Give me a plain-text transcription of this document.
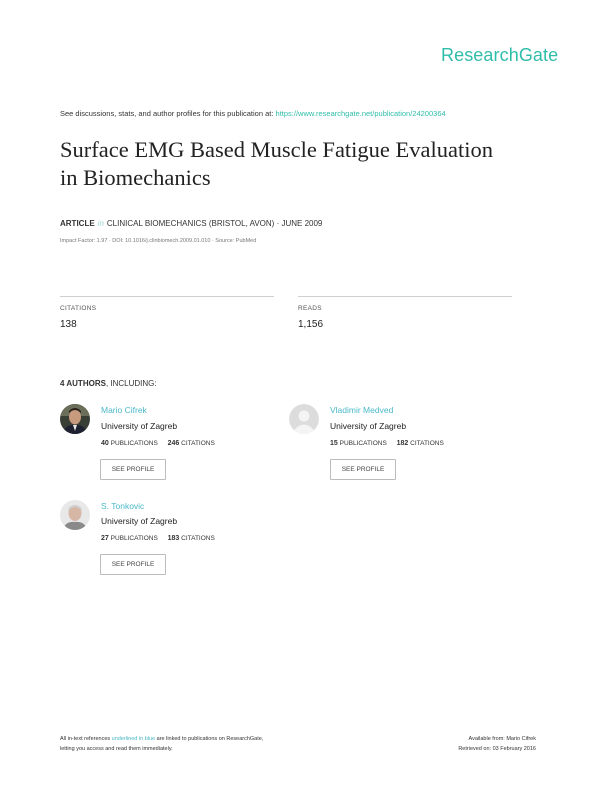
ResearchGate
See discussions, stats, and author profiles for this publication at: https://www.researchgate.net/publication/24200364
Surface EMG Based Muscle Fatigue Evaluation
in Biomechanics
ARTICLE in CLINICAL BIOMECHANICS (BRISTOL, AVON) · JUNE 2009
Impact Factor: 1.97 · DOI: 10.1016/j.clinbiomech.2009.01.010 · Source: PubMed
CITATIONS
138
READS
1,156
4 AUTHORS, INCLUDING:
Mario Cifrek
University of Zagreb
40 PUBLICATIONS 246 CITATIONS
SEE PROFILE
Vladimir Medved
University of Zagreb
15 PUBLICATIONS 182 CITATIONS
SEE PROFILE
S. Tonkovic
University of Zagreb
27 PUBLICATIONS 183 CITATIONS
SEE PROFILE
All in-text references underlined in blue are linked to publications on ResearchGate,
letting you access and read them immediately.
Available from: Mario Cifrek
Retrieved on: 03 February 2016
